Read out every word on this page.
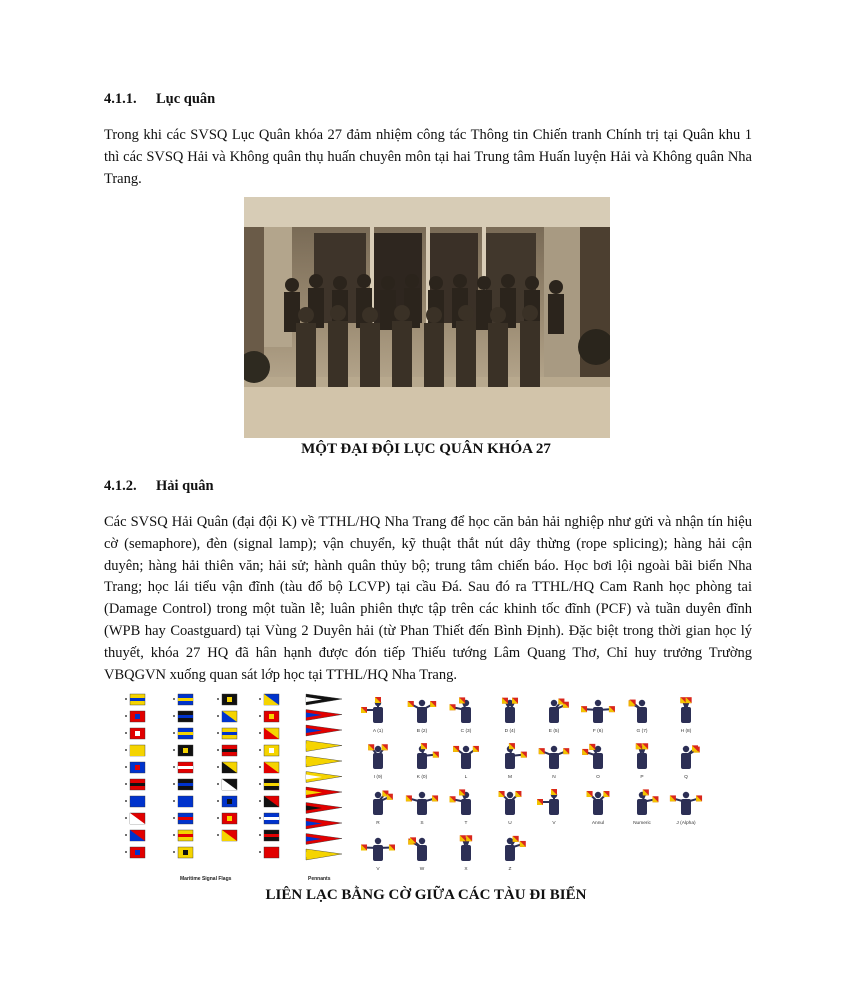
4.1.1. Lục quân

Trong khi các SVSQ Lục Quân khóa 27 đảm nhiệm công tác Thông tin Chiến tranh Chính trị tại Quân khu 1 thì các SVSQ Hải và Không quân thụ huấn chuyên môn tại hai Trung tâm Huấn luyện Hải và Không quân Nha Trang.

MỘT ĐẠI ĐỘI LỤC QUÂN KHÓA 27
4.1.2. Hải quân

Các SVSQ Hải Quân (đại đội K) về TTHL/HQ Nha Trang để học căn bản hải nghiệp như gửi và nhận tín hiệu cờ (semaphore), đèn (signal lamp); vận chuyển, kỹ thuật thắt nút dây thừng (rope splicing); hàng hải cận duyên; hàng hải thiên văn; hải sử; hành quân thủy bộ; trung tâm chiến báo. Học bơi lội ngoài bãi biển Nha Trang; học lái tiểu vận đĩnh (tàu đổ bộ LCVP) tại cầu Đá. Sau đó ra TTHL/HQ Cam Ranh học phòng tai (Damage Control) trong một tuần lễ; luân phiên thực tập trên các khinh tốc đĩnh (PCF) và tuần duyên đĩnh (WPB hay Coastguard) tại Vùng 2 Duyên hải (từ Phan Thiết đến Bình Định). Đặc biệt trong thời gian học lý thuyết, khóa 27 HQ đã hân hạnh được đón tiếp Thiếu tướng Lâm Quang Thơ, Chỉ huy trưởng Trường VBQGVN xuống quan sát lớp học tại TTHL/HQ Nha Trang.

Maritime Signal Flags	Pennants
A (1)	B (2)	C (3)	D (4)	E (5)	F (6)	G (7)	H (8)
I (9)	K (0)	L	M	N	O	P	Q
R	S	T	U	V	Annul	Numeric	J (Alpha)
V	W	X	Z
LIÊN LẠC BẰNG CỜ GIỮA CÁC TÀU ĐI BIỂN
